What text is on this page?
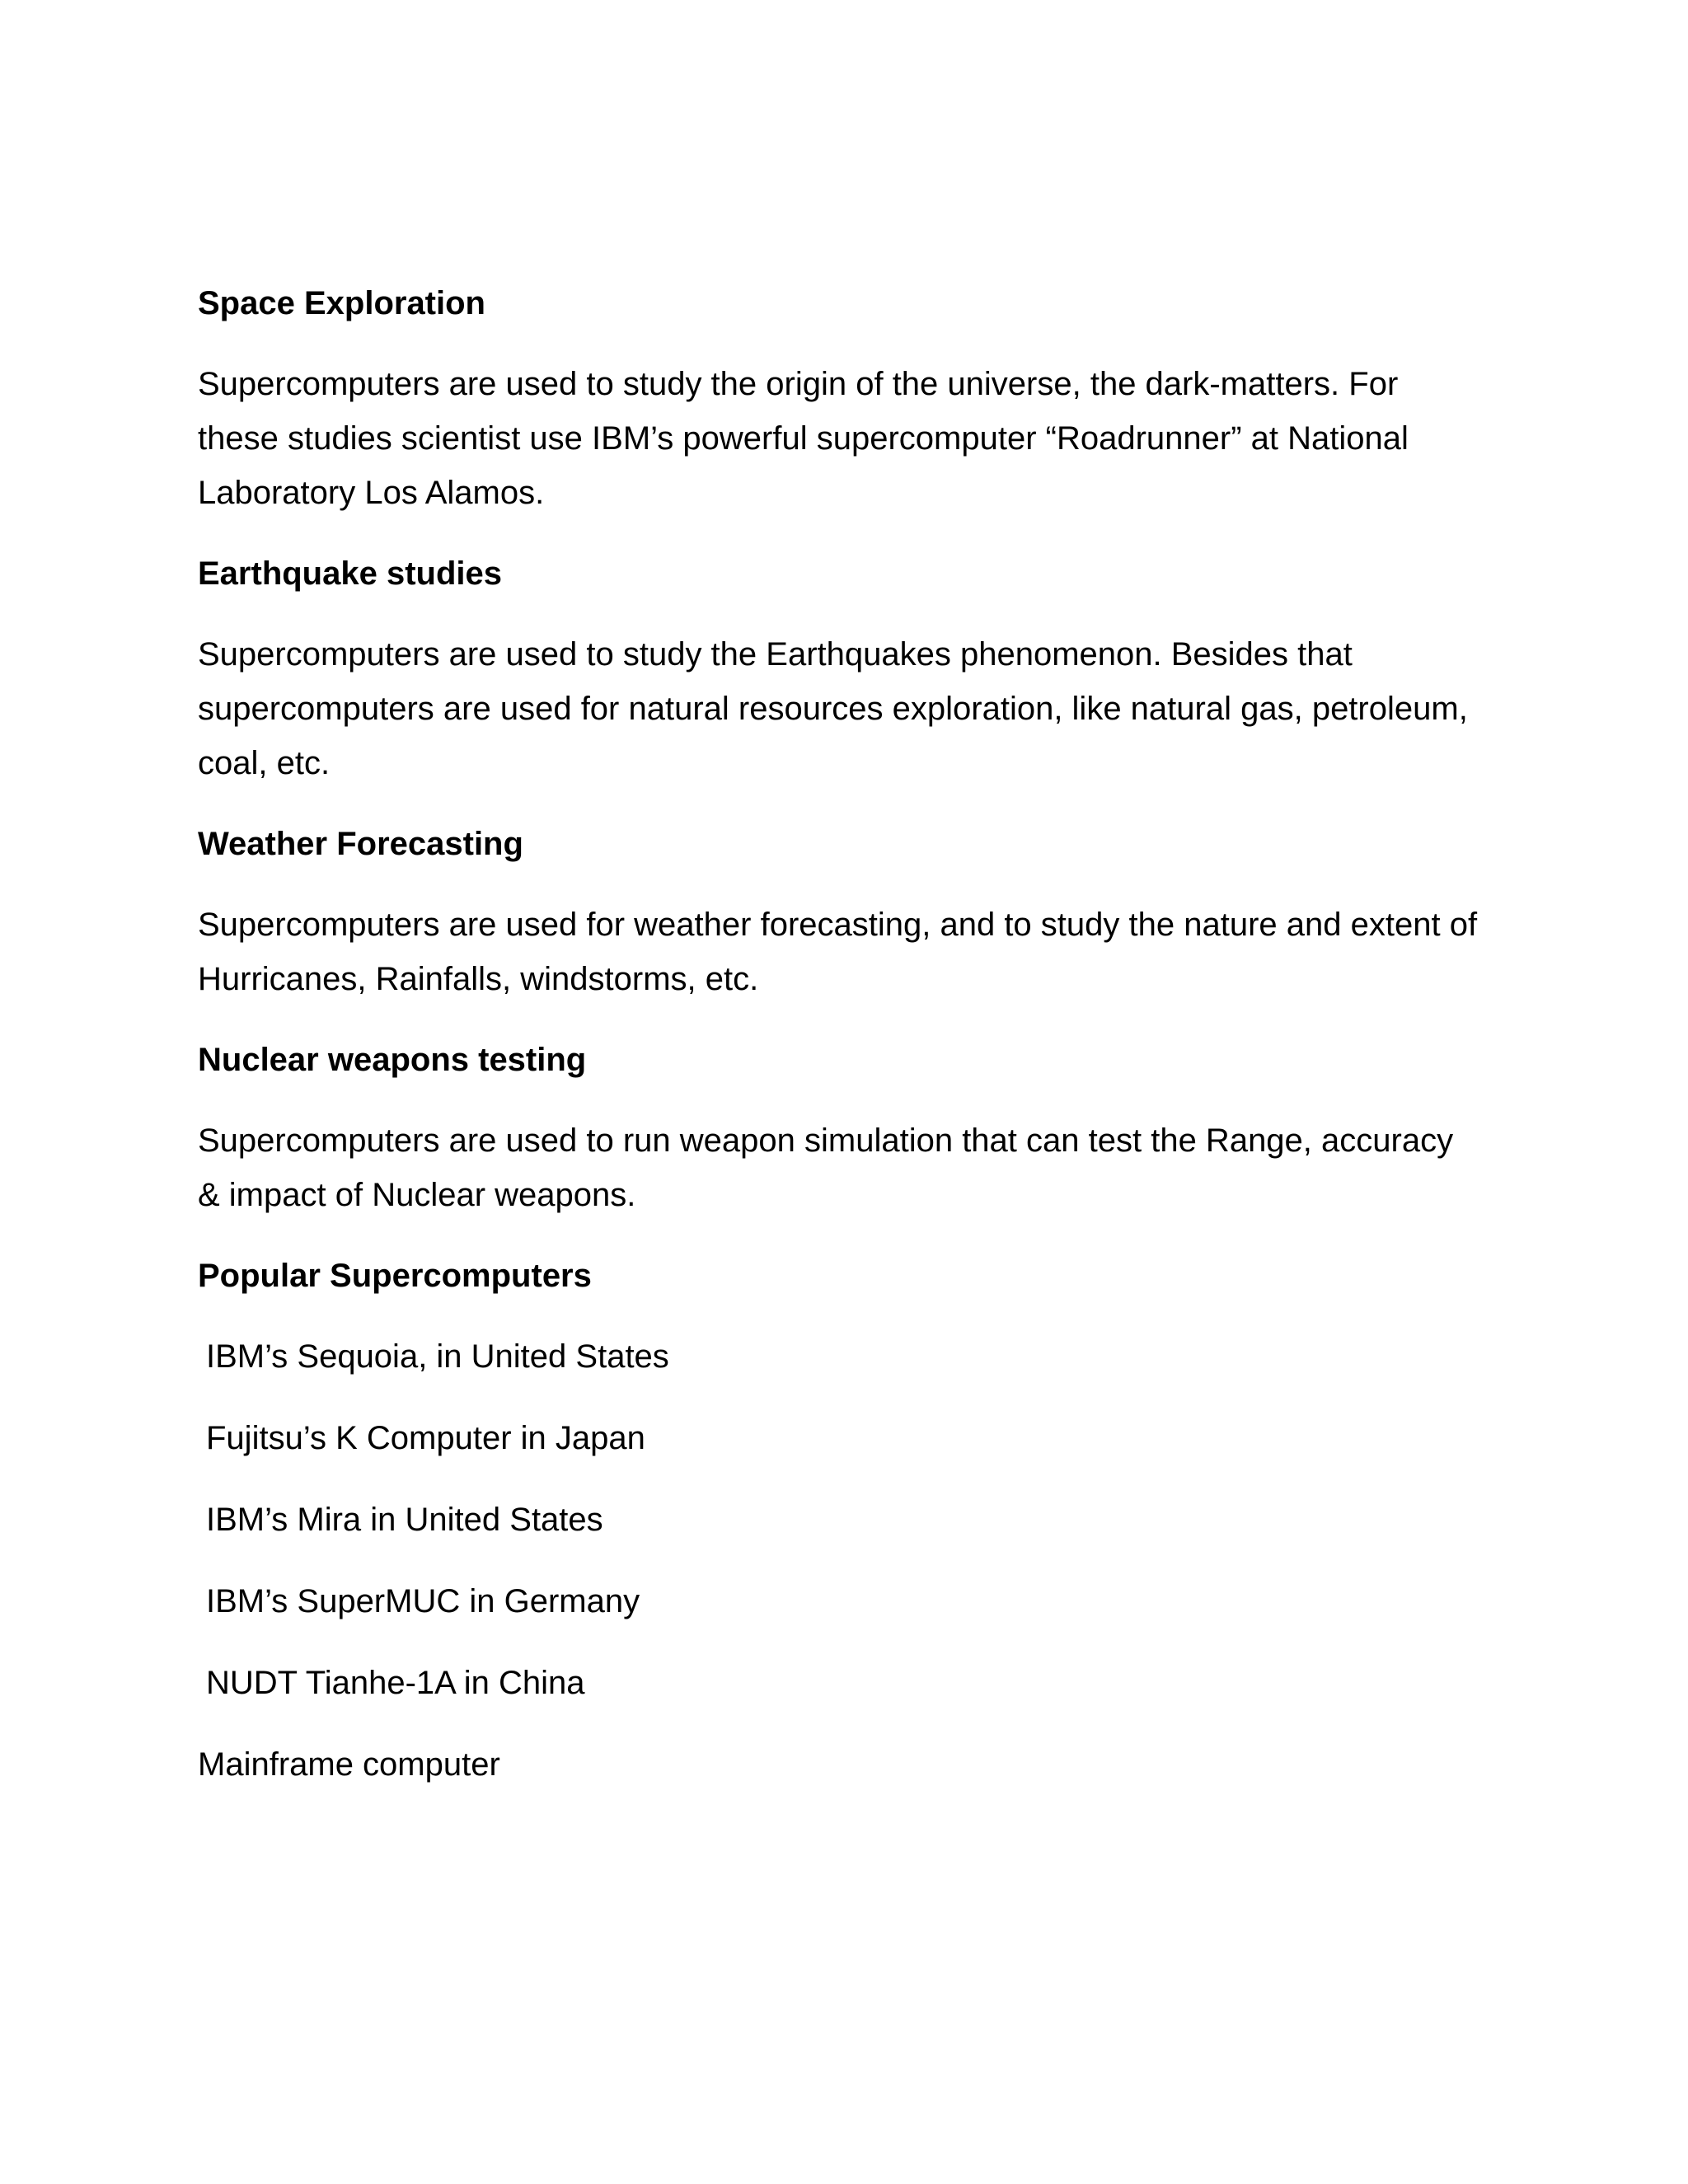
Space Exploration
Supercomputers are used to study the origin of the universe, the dark-matters. For these studies scientist use IBM’s powerful supercomputer “Roadrunner” at National Laboratory Los Alamos.
Earthquake studies
Supercomputers are used to study the Earthquakes phenomenon. Besides that supercomputers are used for natural resources exploration, like natural gas, petroleum, coal, etc.
Weather Forecasting
Supercomputers are used for weather forecasting, and to study the nature and extent of Hurricanes, Rainfalls, windstorms, etc.
Nuclear weapons testing
Supercomputers are used to run weapon simulation that can test the Range, accuracy & impact of Nuclear weapons.
Popular Supercomputers
IBM’s Sequoia, in United States
Fujitsu’s K Computer in Japan
IBM’s Mira in United States
IBM’s SuperMUC in Germany
NUDT Tianhe-1A in China
Mainframe computer
